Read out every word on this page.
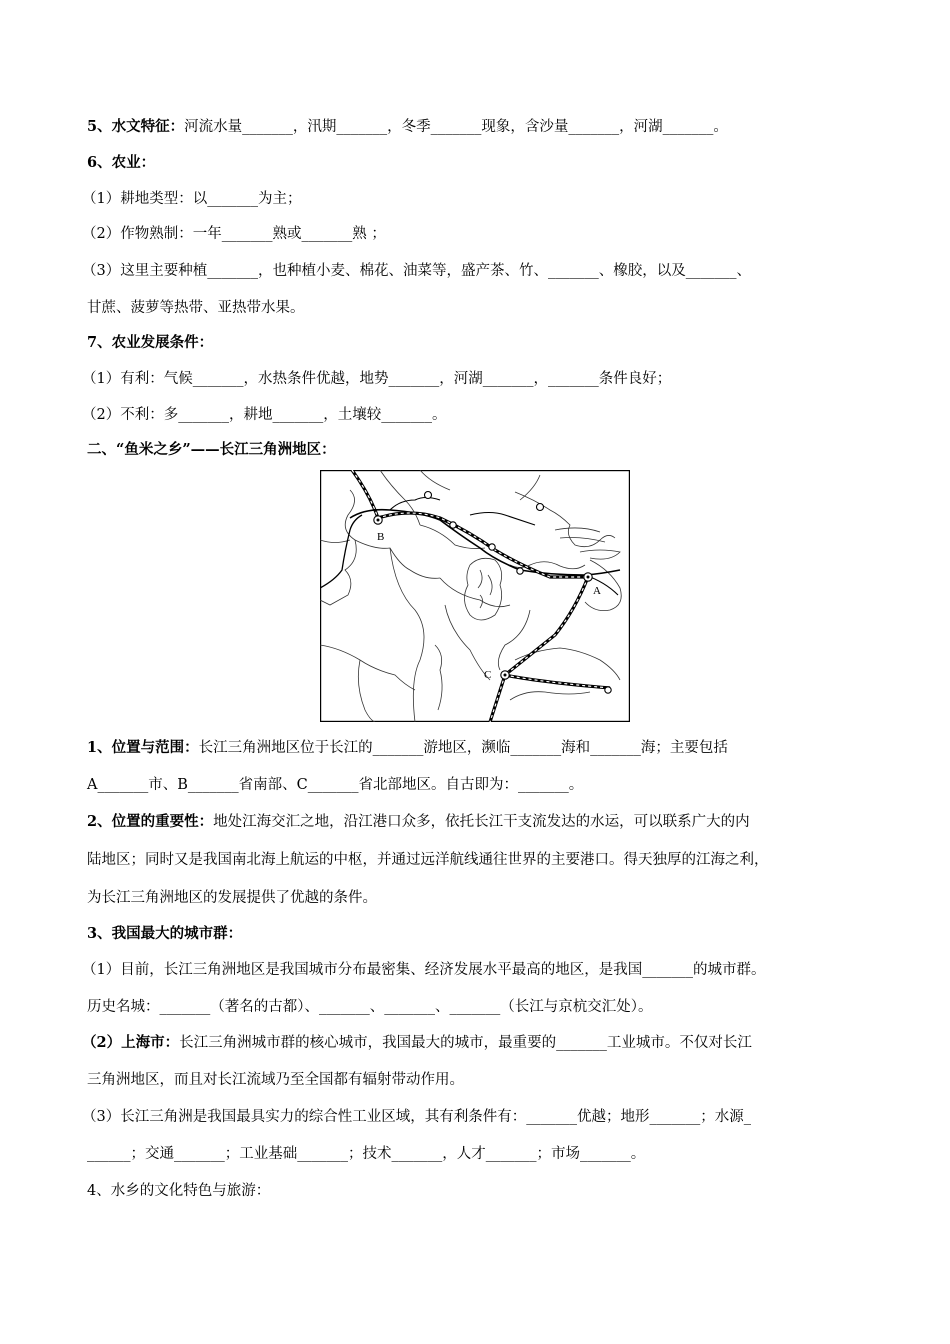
5、水文特征：河流水量_______，汛期_______，冬季_______现象，含沙量_______，河湖_______。
6、农业：
（1）耕地类型：以_______为主；
（2）作物熟制：一年_______熟或_______熟 ；
（3）这里主要种植_______，也种植小麦、棉花、油菜等，盛产茶、竹、_______、橡胶，以及_______、
甘蔗、菠萝等热带、亚热带水果。
7、农业发展条件：
（1）有利：气候_______，水热条件优越，地势_______，河湖_______，_______条件良好；
（2）不利：多_______，耕地_______，土壤较_______。
二、“鱼米之乡”——长江三角洲地区：
B
A
C
1、位置与范围：长江三角洲地区位于长江的_______游地区，濒临_______海和_______海；主要包括
A_______市、B_______省南部、C_______省北部地区。自古即为：_______。
2、位置的重要性：地处江海交汇之地，沿江港口众多，依托长江干支流发达的水运，可以联系广大的内
陆地区；同时又是我国南北海上航运的中枢，并通过远洋航线通往世界的主要港口。得天独厚的江海之利，
为长江三角洲地区的发展提供了优越的条件。
3、我国最大的城市群：
（1）目前，长江三角洲地区是我国城市分布最密集、经济发展水平最高的地区，是我国_______的城市群。
历史名城：_______（著名的古都）、_______、_______、_______（长江与京杭交汇处）。
（2）上海市：长江三角洲城市群的核心城市，我国最大的城市，最重要的_______工业城市。不仅对长江
三角洲地区，而且对长江流域乃至全国都有辐射带动作用。
（3）长江三角洲是我国最具实力的综合性工业区域，其有利条件有：_______优越；地形_______；水源_
______；交通_______；工业基础_______；技术_______，人才_______；市场_______。
4、水乡的文化特色与旅游：
